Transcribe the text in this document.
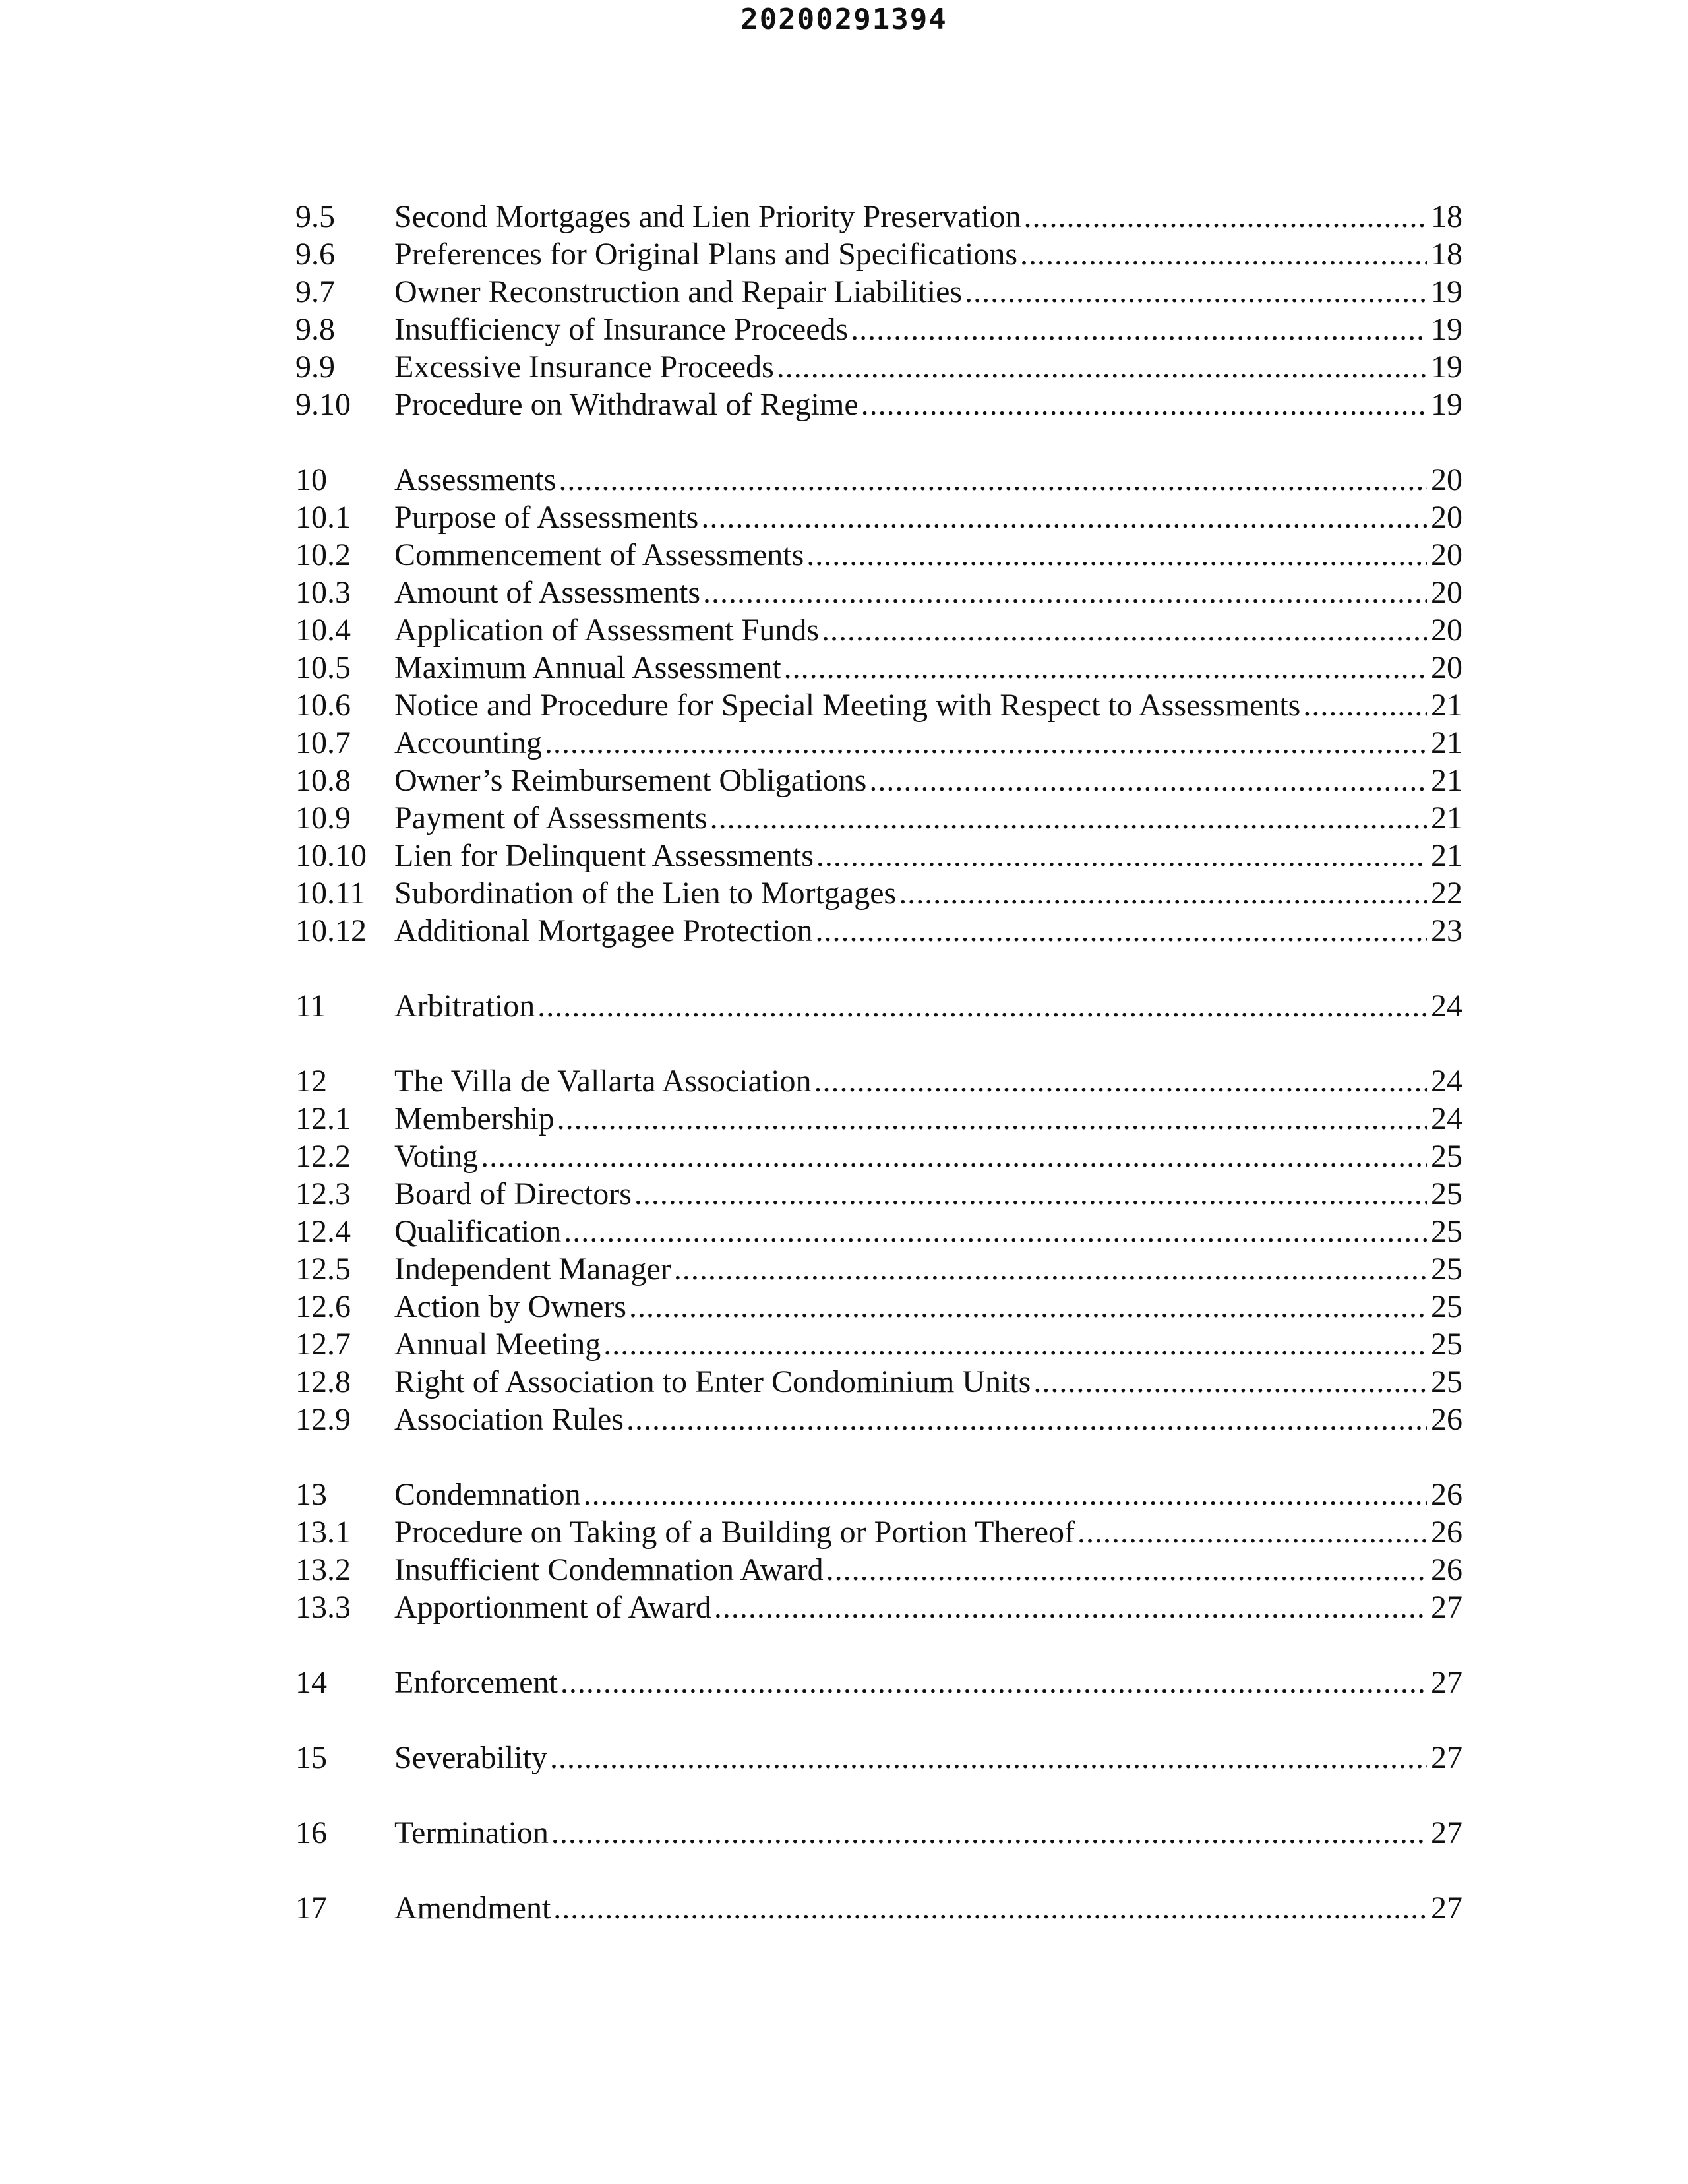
20200291394
9.5	Second Mortgages and Lien Priority Preservation .....	18
9.6	Preferences for Original Plans and Specifications .....	18
9.7	Owner Reconstruction and Repair Liabilities .....	19
9.8	Insufficiency of Insurance Proceeds .....	19
9.9	Excessive Insurance Proceeds .....	19
9.10	Procedure on Withdrawal of Regime .....	19
10	Assessments .....	20
10.1	Purpose of Assessments .....	20
10.2	Commencement of Assessments .....	20
10.3	Amount of Assessments .....	20
10.4	Application of Assessment Funds .....	20
10.5	Maximum Annual Assessment .....	20
10.6	Notice and Procedure for Special Meeting with Respect to Assessments .....	21
10.7	Accounting .....	21
10.8	Owner’s Reimbursement Obligations .....	21
10.9	Payment of Assessments .....	21
10.10 Lien for Delinquent Assessments .....	21
10.11 Subordination of the Lien to Mortgages .....	22
10.12 Additional Mortgagee Protection .....	23
11	Arbitration .....	24
12	The Villa de Vallarta Association .....	24
12.1	Membership .....	24
12.2	Voting .....	25
12.3	Board of Directors .....	25
12.4	Qualification .....	25
12.5	Independent Manager .....	25
12.6	Action by Owners .....	25
12.7	Annual Meeting .....	25
12.8	Right of Association to Enter Condominium Units .....	25
12.9	Association Rules .....	26
13	Condemnation .....	26
13.1	Procedure on Taking of a Building or Portion Thereof .....	26
13.2	Insufficient Condemnation Award .....	26
13.3	Apportionment of Award .....	27
14	Enforcement .....	27
15	Severability .....	27
16	Termination .....	27
17	Amendment .....	27
